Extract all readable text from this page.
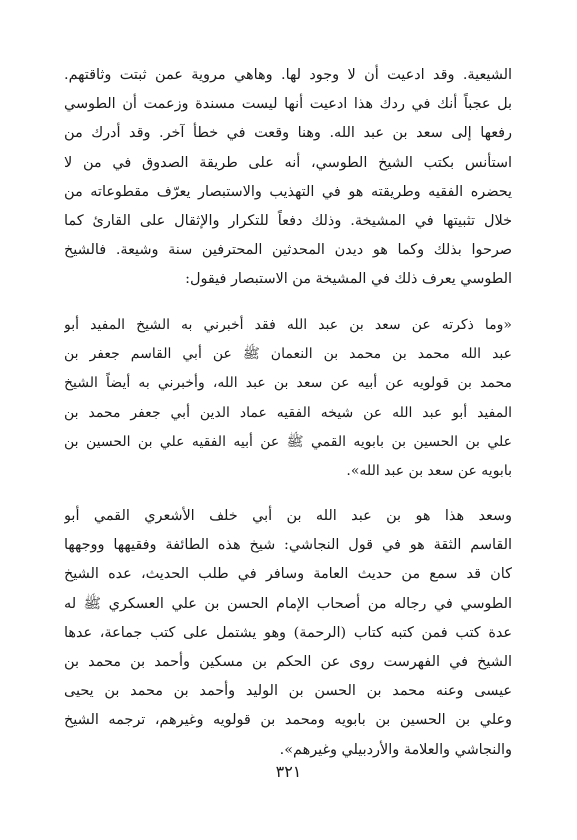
الشيعية. وقد ادعيت أن لا وجود لها. وهاهي مروية عمن ثبتت وثاقتهم.
بل عجباً أنك في ردك هذا ادعيت أنها ليست مسندة وزعمت أن الطوسي
رفعها إلى سعد بن عبد الله. وهنا وقعت في خطأ آخر. وقد أدرك من
استأنس بكتب الشيخ الطوسي، أنه على طريقة الصدوق في من لا
يحضره الفقيه وطريقته هو في التهذيب والاستبصار يعرّف مقطوعاته من
خلال تثبيتها في المشيخة. وذلك دفعاً للتكرار والإثقال على القارئ كما
صرحوا بذلك وكما هو ديدن المحدثين المحترفين سنة وشيعة. فالشيخ
الطوسي يعرف ذلك في المشيخة من الاستبصار فيقول:
«وما ذكرته عن سعد بن عبد الله فقد أخبرني به الشيخ المفيد أبو
عبد الله محمد بن محمد بن النعمان ﷺ عن أبي القاسم جعفر بن
محمد بن قولويه عن أبيه عن سعد بن عبد الله، وأخبرني به أيضاً الشيخ
المفيد أبو عبد الله عن شيخه الفقيه عماد الدين أبي جعفر محمد بن
علي بن الحسين بن بابويه القمي ﷺ عن أبيه الفقيه علي بن الحسين بن
بابويه عن سعد بن عبد الله».
وسعد هذا هو بن عبد الله بن أبي خلف الأشعري القمي أبو
القاسم الثقة هو في قول النجاشي: شيخ هذه الطائفة وفقيهها ووجهها
كان قد سمع من حديث العامة وسافر في طلب الحديث، عده الشيخ
الطوسي في رجاله من أصحاب الإمام الحسن بن علي العسكري ﷺ له
عدة كتب فمن كتبه كتاب (الرحمة) وهو يشتمل على كتب جماعة، عدها
الشيخ في الفهرست روى عن الحكم بن مسكين وأحمد بن محمد بن
عيسى وعنه محمد بن الحسن بن الوليد وأحمد بن محمد بن يحيى
وعلي بن الحسين بن بابويه ومحمد بن قولويه وغيرهم، ترجمه الشيخ
والنجاشي والعلامة والأردبيلي وغيرهم».
٣٢١
